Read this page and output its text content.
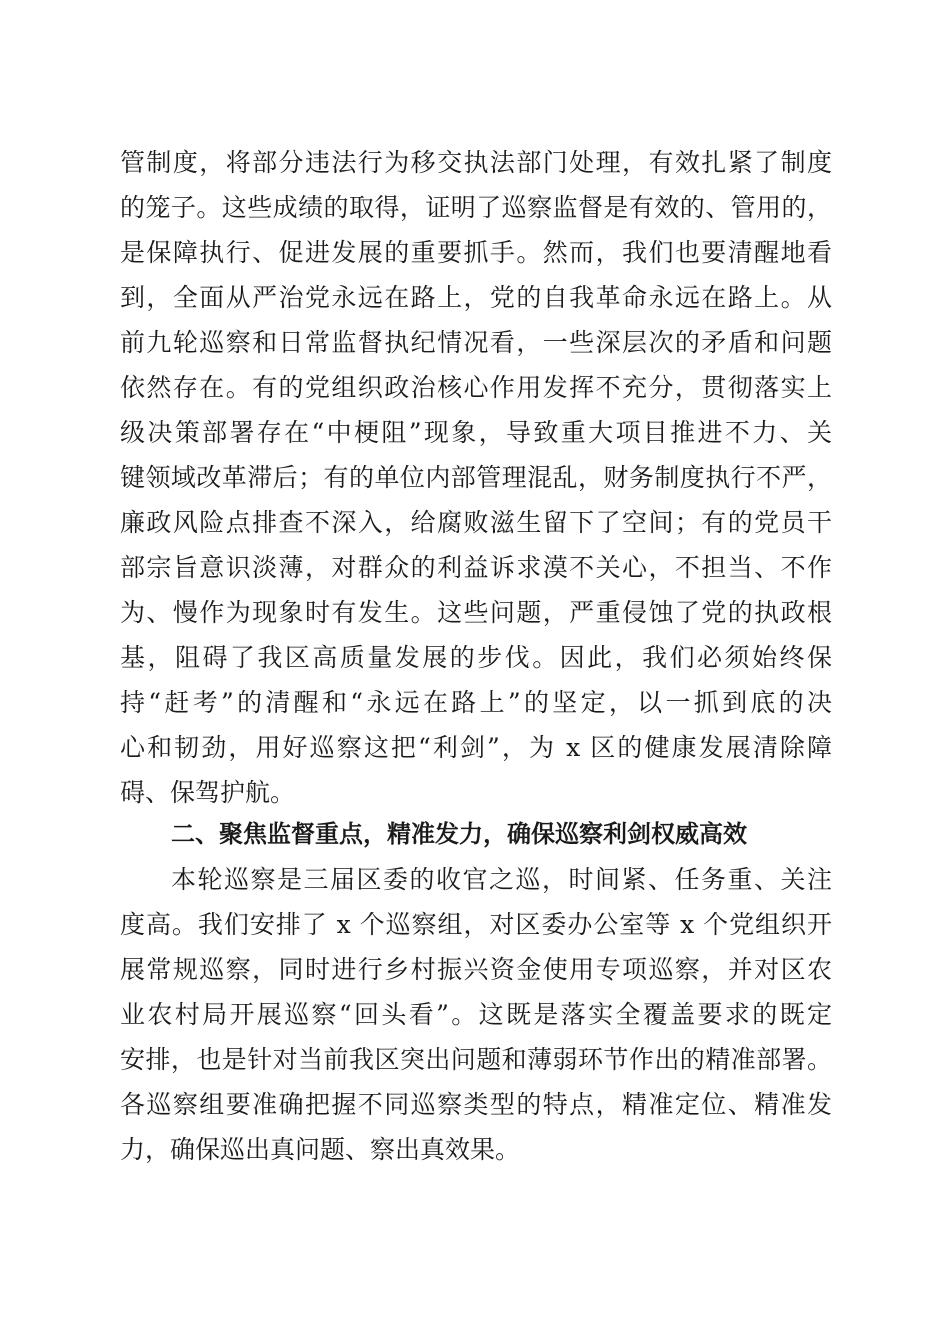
管制度，将部分违法行为移交执法部门处理，有效扎紧了制度
的笼子。这些成绩的取得，证明了巡察监督是有效的、管用的，
是保障执行、促进发展的重要抓手。然而，我们也要清醒地看
到，全面从严治党永远在路上，党的自我革命永远在路上。从
前九轮巡察和日常监督执纪情况看，一些深层次的矛盾和问题
依然存在。有的党组织政治核心作用发挥不充分，贯彻落实上
级决策部署存在“中梗阻”现象，导致重大项目推进不力、关
键领域改革滞后；有的单位内部管理混乱，财务制度执行不严，
廉政风险点排查不深入，给腐败滋生留下了空间；有的党员干
部宗旨意识淡薄，对群众的利益诉求漠不关心，不担当、不作
为、慢作为现象时有发生。这些问题，严重侵蚀了党的执政根
基，阻碍了我区高质量发展的步伐。因此，我们必须始终保
持“赶考”的清醒和“永远在路上”的坚定，以一抓到底的决
心和韧劲，用好巡察这把“利剑”，为 x 区的健康发展清除障
碍、保驾护航。
二、聚焦监督重点，精准发力，确保巡察利剑权威高效
本轮巡察是三届区委的收官之巡，时间紧、任务重、关注
度高。我们安排了 x 个巡察组，对区委办公室等 x 个党组织开
展常规巡察，同时进行乡村振兴资金使用专项巡察，并对区农
业农村局开展巡察“回头看”。这既是落实全覆盖要求的既定
安排，也是针对当前我区突出问题和薄弱环节作出的精准部署。
各巡察组要准确把握不同巡察类型的特点，精准定位、精准发
力，确保巡出真问题、察出真效果。
